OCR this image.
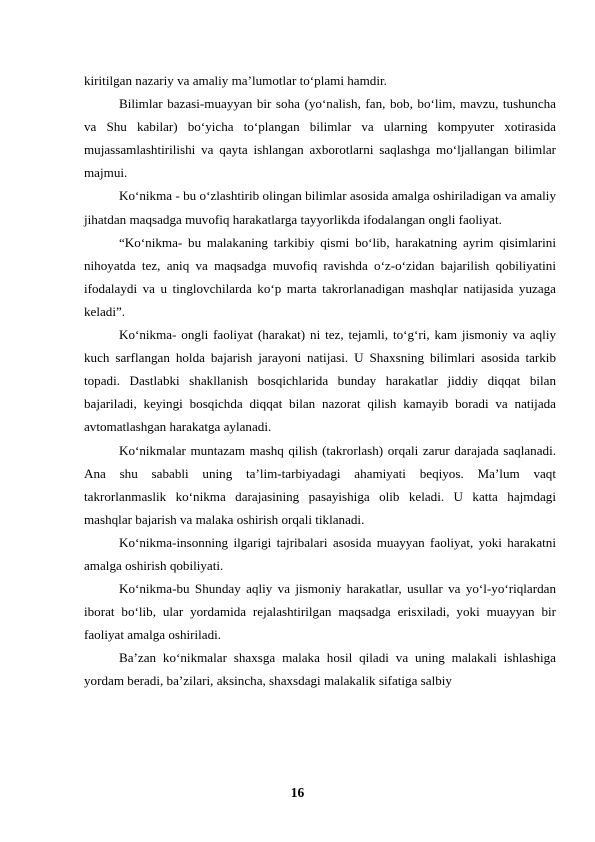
kiritilgan nazariy va amaliy ma’lumotlar to‘plami hamdir.

Bilimlar bazasi-muayyan bir soha (yo‘nalish, fan, bob, bo‘lim, mavzu, tushuncha va Shu kabilar) bo‘yicha to‘plangan bilimlar va ularning kompyuter xotirasida mujassamlashtirilishi va qayta ishlangan axborotlarni saqlashga mo‘ljallangan bilimlar majmui.

Ko‘nikma - bu o‘zlashtirib olingan bilimlar asosida amalga oshiriladigan va amaliy jihatdan maqsadga muvofiq harakatlarga tayyorlikda ifodalangan ongli faoliyat.

“Ko‘nikma- bu malakaning tarkibiy qismi bo‘lib, harakatning ayrim qisimlarini nihoyatda tez, aniq va maqsadga muvofiq ravishda o‘z-o‘zidan bajarilish qobiliyatini ifodalaydi va u tinglovchilarda ko‘p marta takrorlanadigan mashqlar natijasida yuzaga keladi”.

Ko‘nikma- ongli faoliyat (harakat) ni tez, tejamli, to‘g‘ri, kam jismoniy va aqliy kuch sarflangan holda bajarish jarayoni natijasi. U Shaxsning bilimlari asosida tarkib topadi. Dastlabki shakllanish bosqichlarida bunday harakatlar jiddiy diqqat bilan bajariladi, keyingi bosqichda diqqat bilan nazorat qilish kamayib boradi va natijada avtomatlashgan harakatga aylanadi.

Ko‘nikmalar muntazam mashq qilish (takrorlash) orqali zarur darajada saqlanadi. Ana shu sababli uning ta’lim-tarbiyadagi ahamiyati beqiyos. Ma’lum vaqt takrorlanmaslik ko‘nikma darajasining pasayishiga olib keladi. U katta hajmdagi mashqlar bajarish va malaka oshirish orqali tiklanadi.

Ko‘nikma-insonning ilgarigi tajribalari asosida muayyan faoliyat, yoki harakatni amalga oshirish qobiliyati.

Ko‘nikma-bu Shunday aqliy va jismoniy harakatlar, usullar va yo‘l-yo‘riqlardan iborat bo‘lib, ular yordamida rejalashtirilgan maqsadga erisxiladi, yoki muayyan bir faoliyat amalga oshiriladi.

Ba’zan ko‘nikmalar shaxsga malaka hosil qiladi va uning malakali ishlashiga yordam beradi, ba’zilari, aksincha, shaxsdagi malakalik sifatiga salbiy

16
